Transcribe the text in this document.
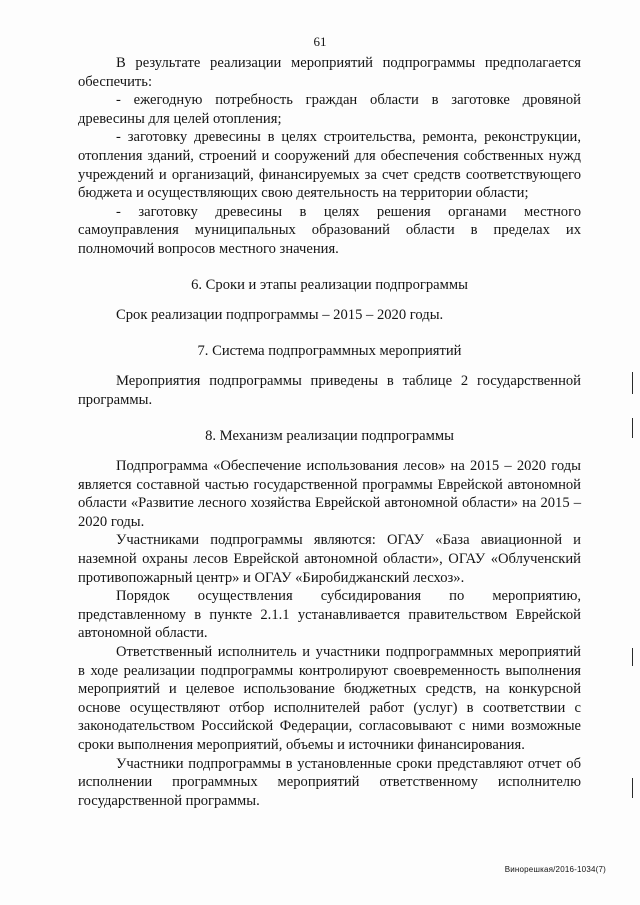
61

В результате реализации мероприятий подпрограммы предполагается обеспечить:

- ежегодную потребность граждан области в заготовке дровяной древесины для целей отопления;

- заготовку древесины в целях строительства, ремонта, реконструкции, отопления зданий, строений и сооружений для обеспечения собственных нужд учреждений и организаций, финансируемых за счет средств соответствующего бюджета и осуществляющих свою деятельность на территории области;

- заготовку древесины в целях решения органами местного самоуправления муниципальных образований области в пределах их полномочий вопросов местного значения.

6. Сроки и этапы реализации подпрограммы

Срок реализации подпрограммы – 2015 – 2020 годы.

7. Система подпрограммных мероприятий

Мероприятия подпрограммы приведены в таблице 2 государственной программы.

8. Механизм реализации подпрограммы

Подпрограмма «Обеспечение использования лесов» на 2015 – 2020 годы является составной частью государственной программы Еврейской автономной области «Развитие лесного хозяйства Еврейской автономной области» на 2015 – 2020 годы.

Участниками подпрограммы являются: ОГАУ «База авиационной и наземной охраны лесов Еврейской автономной области», ОГАУ «Облученский противопожарный центр» и ОГАУ «Биробиджанский лесхоз».

Порядок осуществления субсидирования по мероприятию, представленному в пункте 2.1.1 устанавливается правительством Еврейской автономной области.

Ответственный исполнитель и участники подпрограммных мероприятий в ходе реализации подпрограммы контролируют своевременность выполнения мероприятий и целевое использование бюджетных средств, на конкурсной основе осуществляют отбор исполнителей работ (услуг) в соответствии с законодательством Российской Федерации, согласовывают с ними возможные сроки выполнения мероприятий, объемы и источники финансирования.

Участники подпрограммы в установленные сроки представляют отчет об исполнении программных мероприятий ответственному исполнителю государственной программы.

Винорешкая/2016-1034(7)
